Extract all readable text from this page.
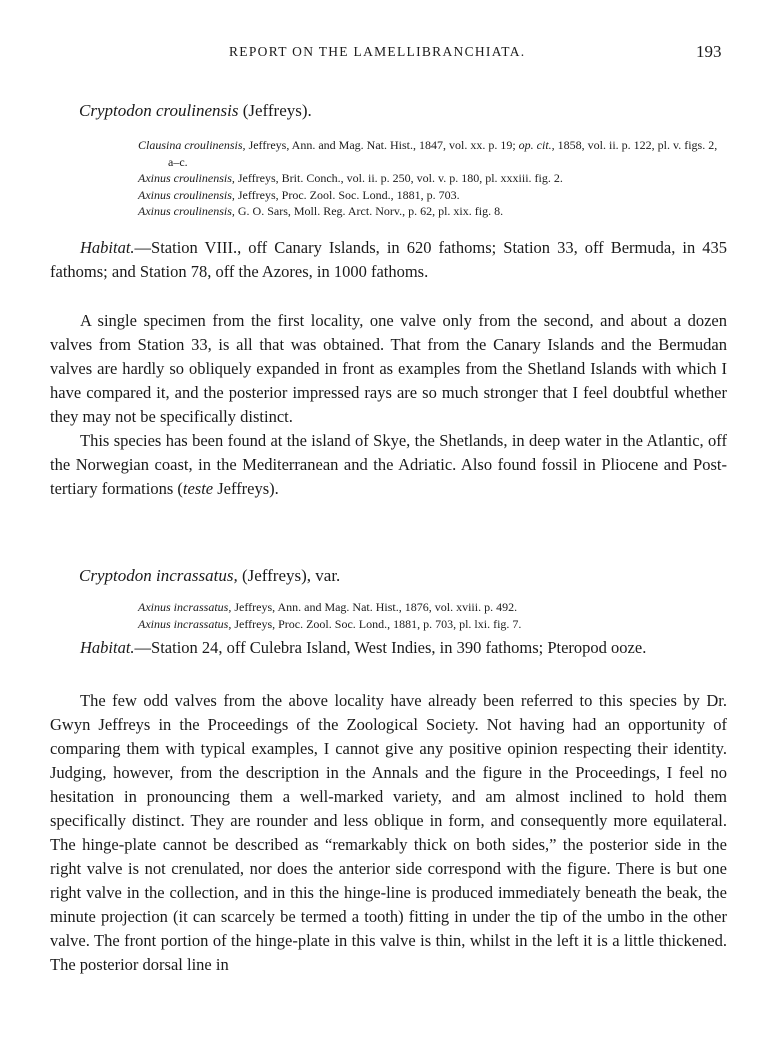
REPORT ON THE LAMELLIBRANCHIATA.	193
Cryptodon croulinensis (Jeffreys).
Clausina croulinensis, Jeffreys, Ann. and Mag. Nat. Hist., 1847, vol. xx. p. 19; op. cit., 1858, vol. ii. p. 122, pl. v. figs. 2, a–c.
Axinus croulinensis, Jeffreys, Brit. Conch., vol. ii. p. 250, vol. v. p. 180, pl. xxxiii. fig. 2.
Axinus croulinensis, Jeffreys, Proc. Zool. Soc. Lond., 1881, p. 703.
Axinus croulinensis, G. O. Sars, Moll. Reg. Arct. Norv., p. 62, pl. xix. fig. 8.
Habitat.—Station VIII., off Canary Islands, in 620 fathoms; Station 33, off Bermuda, in 435 fathoms; and Station 78, off the Azores, in 1000 fathoms.

A single specimen from the first locality, one valve only from the second, and about a dozen valves from Station 33, is all that was obtained. That from the Canary Islands and the Bermudan valves are hardly so obliquely expanded in front as examples from the Shetland Islands with which I have compared it, and the posterior impressed rays are so much stronger that I feel doubtful whether they may not be specifically distinct.

This species has been found at the island of Skye, the Shetlands, in deep water in the Atlantic, off the Norwegian coast, in the Mediterranean and the Adriatic. Also found fossil in Pliocene and Post-tertiary formations (teste Jeffreys).

Cryptodon incrassatus, (Jeffreys), var.
Axinus incrassatus, Jeffreys, Ann. and Mag. Nat. Hist., 1876, vol. xviii. p. 492.
Axinus incrassatus, Jeffreys, Proc. Zool. Soc. Lond., 1881, p. 703, pl. lxi. fig. 7.
Habitat.—Station 24, off Culebra Island, West Indies, in 390 fathoms; Pteropod ooze.

The few odd valves from the above locality have already been referred to this species by Dr. Gwyn Jeffreys in the Proceedings of the Zoological Society. Not having had an opportunity of comparing them with typical examples, I cannot give any positive opinion respecting their identity. Judging, however, from the description in the Annals and the figure in the Proceedings, I feel no hesitation in pronouncing them a well-marked variety, and am almost inclined to hold them specifically distinct. They are rounder and less oblique in form, and consequently more equilateral. The hinge-plate cannot be described as “remarkably thick on both sides,” the posterior side in the right valve is not crenulated, nor does the anterior side correspond with the figure. There is but one right valve in the collection, and in this the hinge-line is produced immediately beneath the beak, the minute projection (it can scarcely be termed a tooth) fitting in under the tip of the umbo in the other valve. The front portion of the hinge-plate in this valve is thin, whilst in the left it is a little thickened. The posterior dorsal line in
